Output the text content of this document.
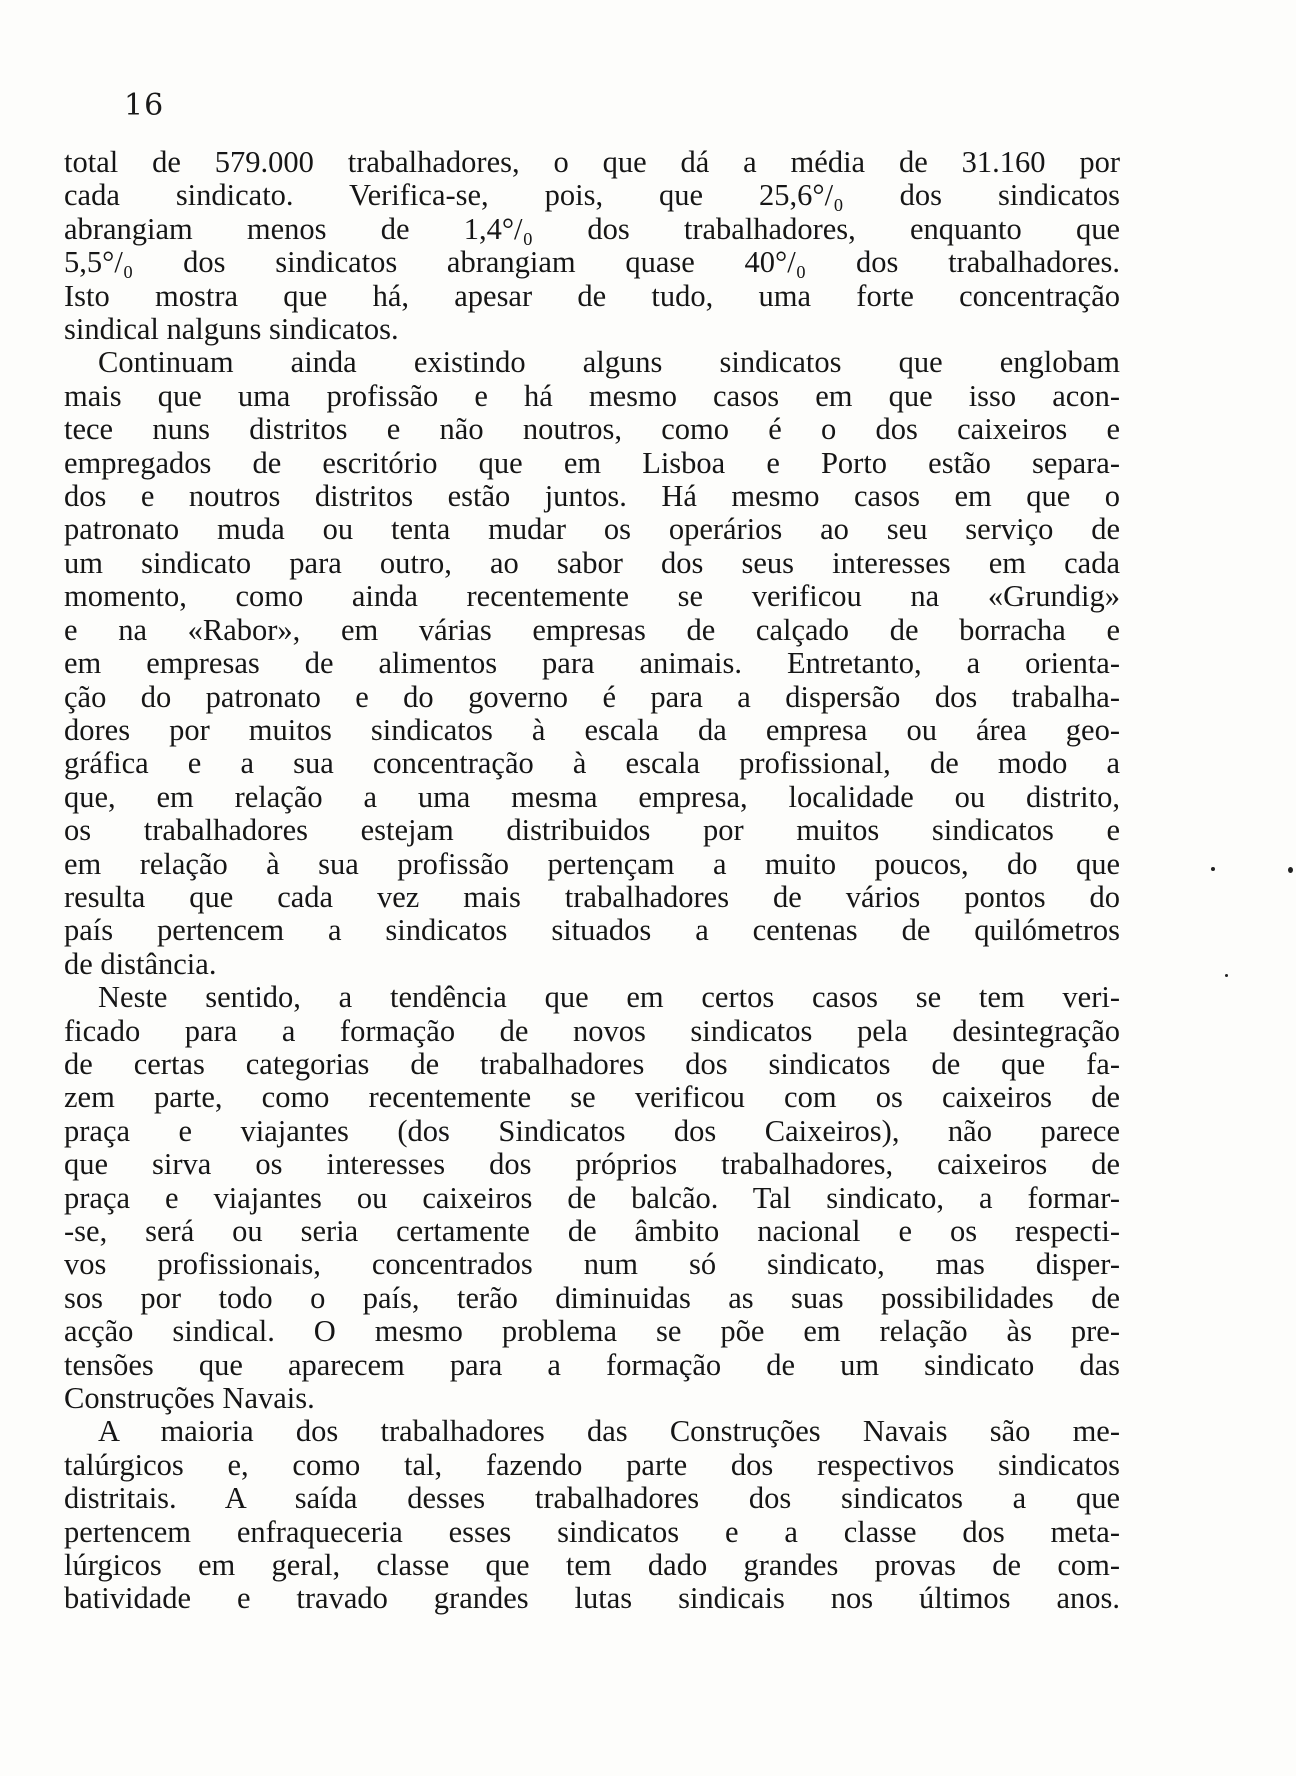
16

total de 579.000 trabalhadores, o que dá a média de 31.160 por

cada sindicato. Verifica-se, pois, que 25,6°/₀ dos sindicatos

abrangiam menos de 1,4°/₀ dos trabalhadores, enquanto que

5,5°/₀ dos sindicatos abrangiam quase 40°/₀ dos trabalhadores.

Isto mostra que há, apesar de tudo, uma forte concentração

sindical nalguns sindicatos.

Continuam ainda existindo alguns sindicatos que englobam

mais que uma profissão e há mesmo casos em que isso acon-

tece nuns distritos e não noutros, como é o dos caixeiros e

empregados de escritório que em Lisboa e Porto estão separa-

dos e noutros distritos estão juntos. Há mesmo casos em que o

patronato muda ou tenta mudar os operários ao seu serviço de

um sindicato para outro, ao sabor dos seus interesses em cada

momento, como ainda recentemente se verificou na «Grundig»

e na «Rabor», em várias empresas de calçado de borracha e

em empresas de alimentos para animais. Entretanto, a orienta-

ção do patronato e do governo é para a dispersão dos trabalha-

dores por muitos sindicatos à escala da empresa ou área geo-

gráfica e a sua concentração à escala profissional, de modo a

que, em relação a uma mesma empresa, localidade ou distrito,

os trabalhadores estejam distribuidos por muitos sindicatos e

em relação à sua profissão pertençam a muito poucos, do que

resulta que cada vez mais trabalhadores de vários pontos do

país pertencem a sindicatos situados a centenas de quilómetros

de distância.

Neste sentido, a tendência que em certos casos se tem veri-

ficado para a formação de novos sindicatos pela desintegração

de certas categorias de trabalhadores dos sindicatos de que fa-

zem parte, como recentemente se verificou com os caixeiros de

praça e viajantes (dos Sindicatos dos Caixeiros), não parece

que sirva os interesses dos próprios trabalhadores, caixeiros de

praça e viajantes ou caixeiros de balcão. Tal sindicato, a formar-

-se, será ou seria certamente de âmbito nacional e os respecti-

vos profissionais, concentrados num só sindicato, mas disper-

sos por todo o país, terão diminuidas as suas possibilidades de

acção sindical. O mesmo problema se põe em relação às pre-

tensões que aparecem para a formação de um sindicato das

Construções Navais.

A maioria dos trabalhadores das Construções Navais são me-

talúrgicos e, como tal, fazendo parte dos respectivos sindicatos

distritais. A saída desses trabalhadores dos sindicatos a que

pertencem enfraqueceria esses sindicatos e a classe dos meta-

lúrgicos em geral, classe que tem dado grandes provas de com-

batividade e travado grandes lutas sindicais nos últimos anos.
